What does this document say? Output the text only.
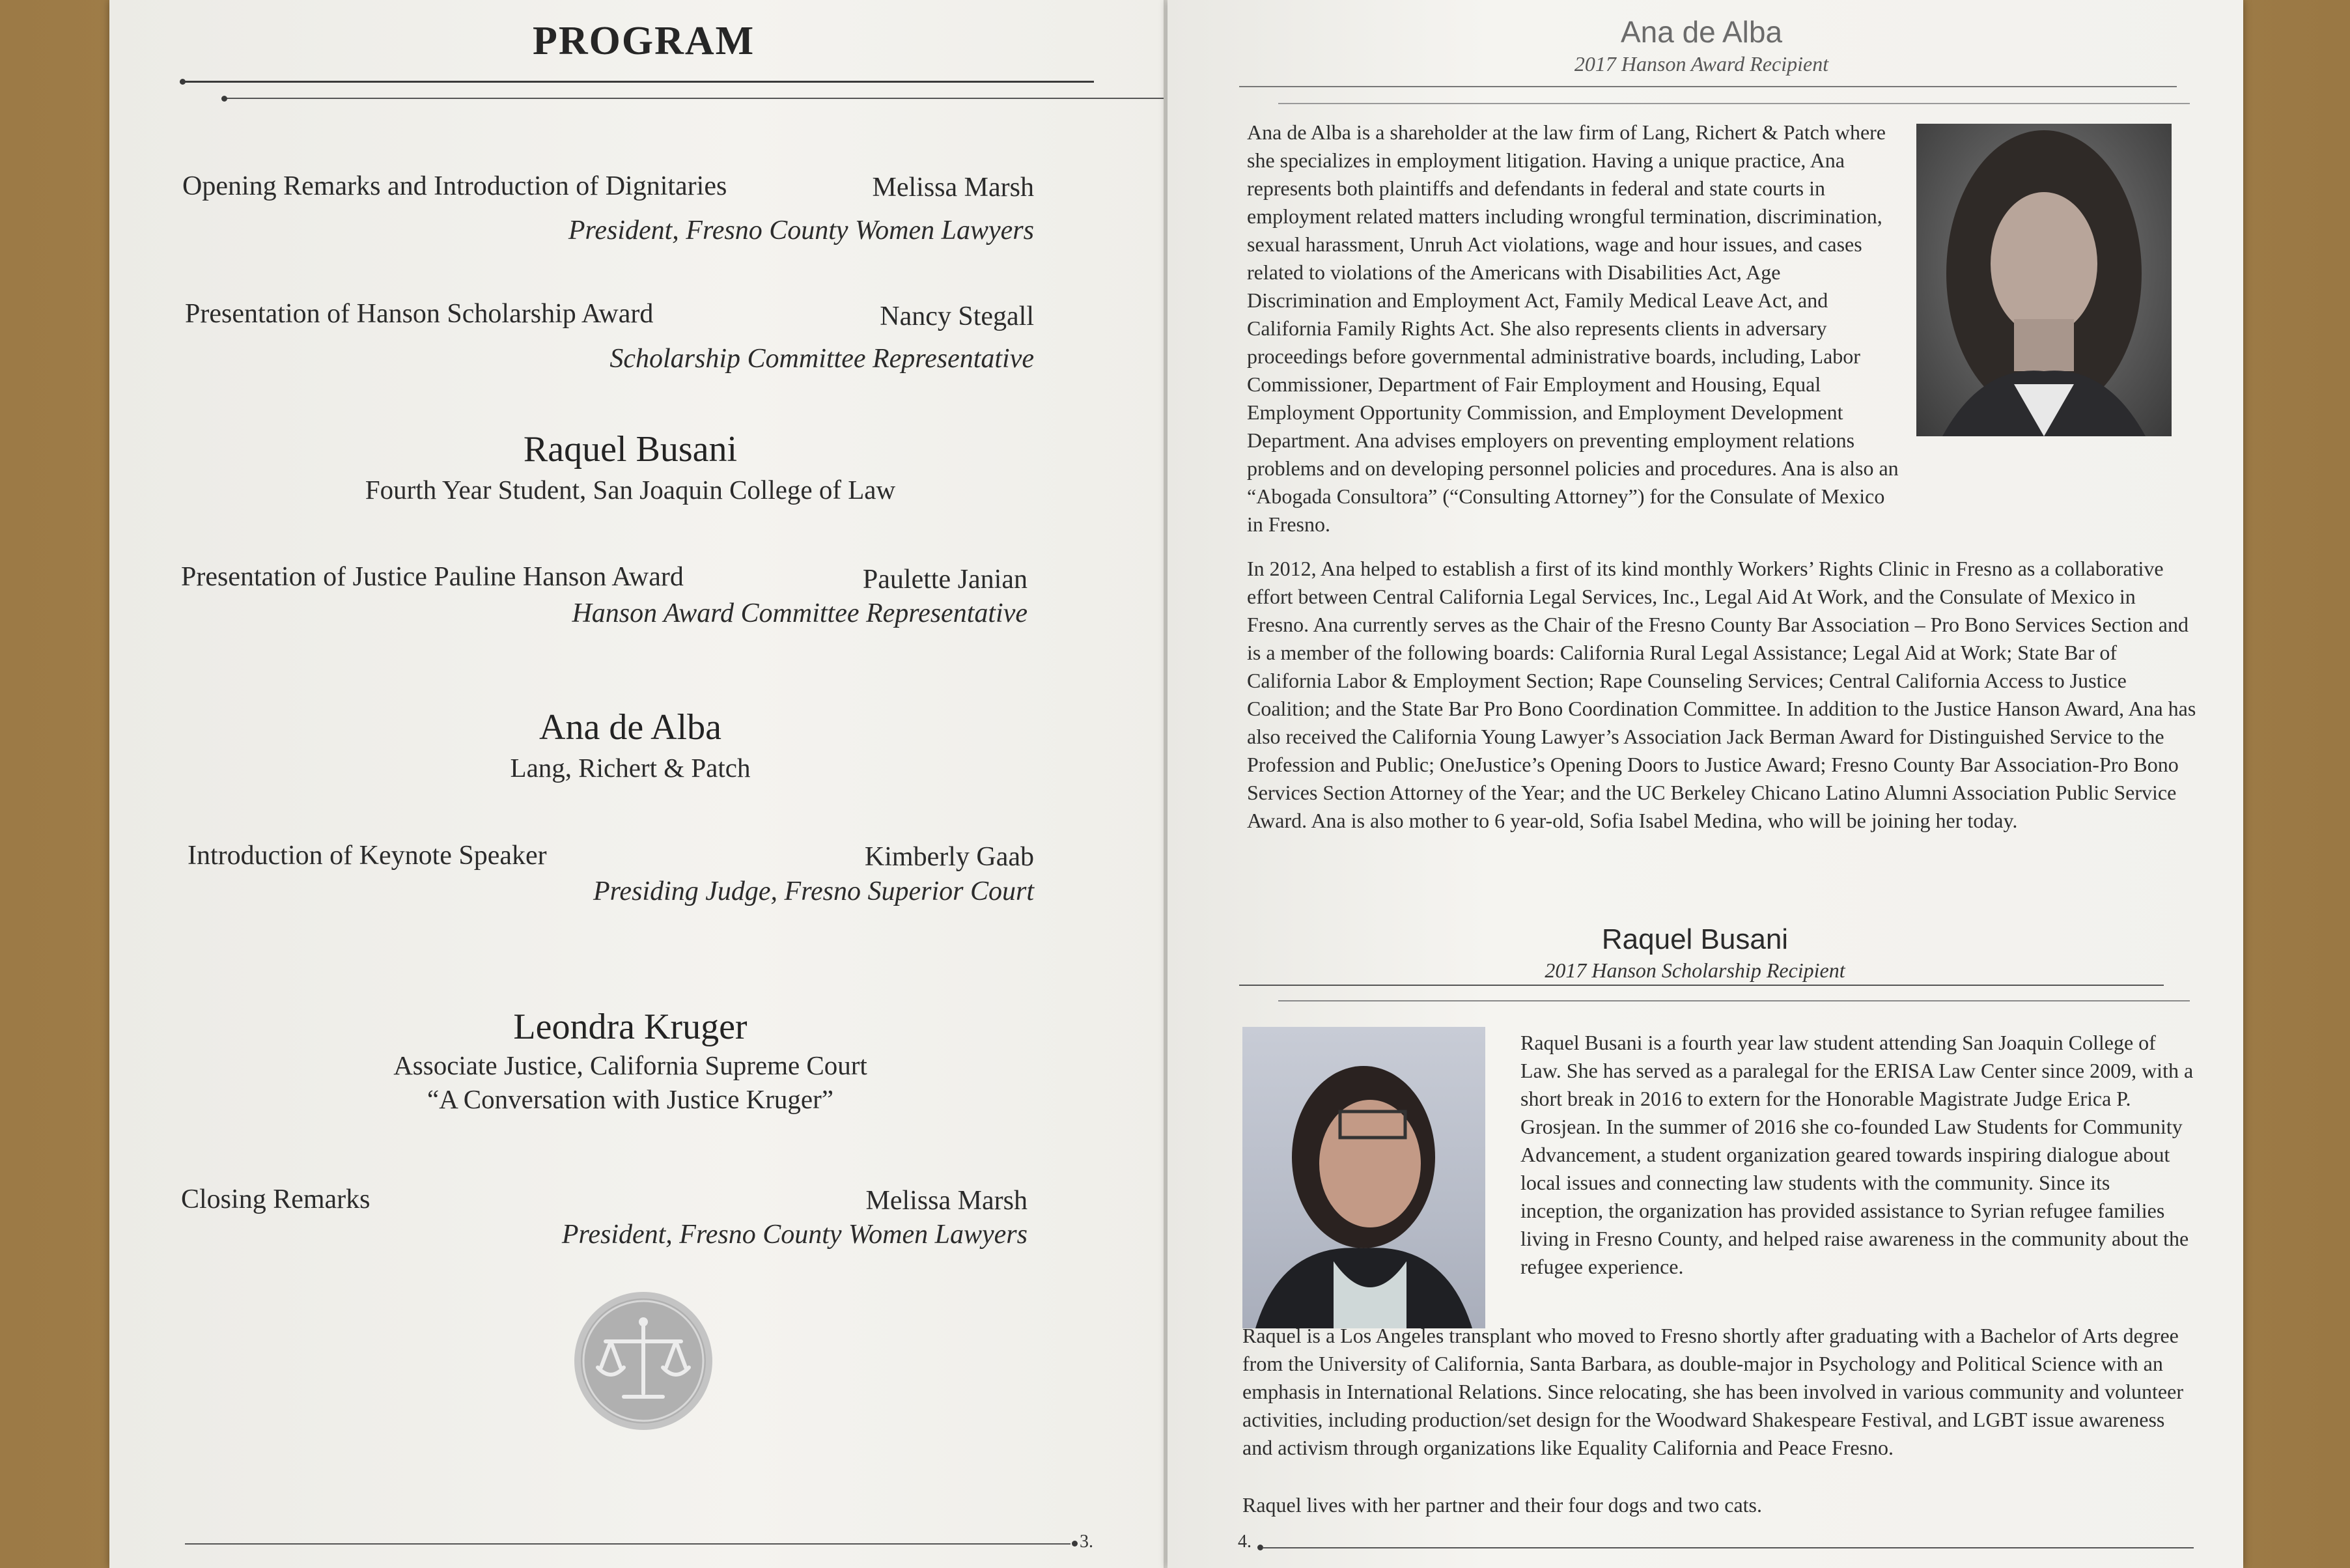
PROGRAM
Opening Remarks and Introduction of Dignitaries	Melissa Marsh
President, Fresno County Women Lawyers
Presentation of Hanson Scholarship Award	Nancy Stegall
Scholarship Committee Representative
Raquel Busani
Fourth Year Student, San Joaquin College of Law
Presentation of Justice Pauline Hanson Award	Paulette Janian
Hanson Award Committee Representative
Ana de Alba
Lang, Richert & Patch
Introduction of Keynote Speaker	Kimberly Gaab
Presiding Judge, Fresno Superior Court
Leondra Kruger
Associate Justice, California Supreme Court
“A Conversation with Justice Kruger”
Closing Remarks	Melissa Marsh
President, Fresno County Women Lawyers
3.
Ana de Alba
2017 Hanson Award Recipient

Ana de Alba is a shareholder at the law firm of Lang, Richert & Patch where she specializes in employment litigation. Having a unique practice, Ana represents both plaintiffs and defendants in federal and state courts in employment related matters including wrongful termination, discrimination, sexual harassment, Unruh Act violations, wage and hour issues, and cases related to violations of the Americans with Disabilities Act, Age Discrimination and Employment Act, Family Medical Leave Act, and California Family Rights Act. She also represents clients in adversary proceedings before governmental administrative boards, including, Labor Commissioner, Department of Fair Employment and Housing, Equal Employment Opportunity Commission, and Employment Development Department. Ana advises employers on preventing employment relations problems and on developing personnel policies and procedures. Ana is also an “Abogada Consultora” (“Consulting Attorney”) for the Consulate of Mexico in Fresno.

In 2012, Ana helped to establish a first of its kind monthly Workers’ Rights Clinic in Fresno as a collaborative effort between Central California Legal Services, Inc., Legal Aid At Work, and the Consulate of Mexico in Fresno. Ana currently serves as the Chair of the Fresno County Bar Association – Pro Bono Services Section and is a member of the following boards: California Rural Legal Assistance; Legal Aid at Work; State Bar of California Labor & Employment Section; Rape Counseling Services; Central California Access to Justice Coalition; and the State Bar Pro Bono Coordination Committee. In addition to the Justice Hanson Award, Ana has also received the California Young Lawyer’s Association Jack Berman Award for Distinguished Service to the Profession and Public; OneJustice’s Opening Doors to Justice Award; Fresno County Bar Association-Pro Bono Services Section Attorney of the Year; and the UC Berkeley Chicano Latino Alumni Association Public Service Award. Ana is also mother to 6 year-old, Sofia Isabel Medina, who will be joining her today.

Raquel Busani
2017 Hanson Scholarship Recipient

Raquel Busani is a fourth year law student attending San Joaquin College of Law. She has served as a paralegal for the ERISA Law Center since 2009, with a short break in 2016 to extern for the Honorable Magistrate Judge Erica P. Grosjean. In the summer of 2016 she co-founded Law Students for Community Advancement, a student organization geared towards inspiring dialogue about local issues and connecting law students with the community. Since its inception, the organization has provided assistance to Syrian refugee families living in Fresno County, and helped raise awareness in the community about the refugee experience.

Raquel is a Los Angeles transplant who moved to Fresno shortly after graduating with a Bachelor of Arts degree from the University of California, Santa Barbara, as double-major in Psychology and Political Science with an emphasis in International Relations. Since relocating, she has been involved in various community and volunteer activities, including production/set design for the Woodward Shakespeare Festival, and LGBT issue awareness and activism through organizations like Equality California and Peace Fresno.

Raquel lives with her partner and their four dogs and two cats.

4.
